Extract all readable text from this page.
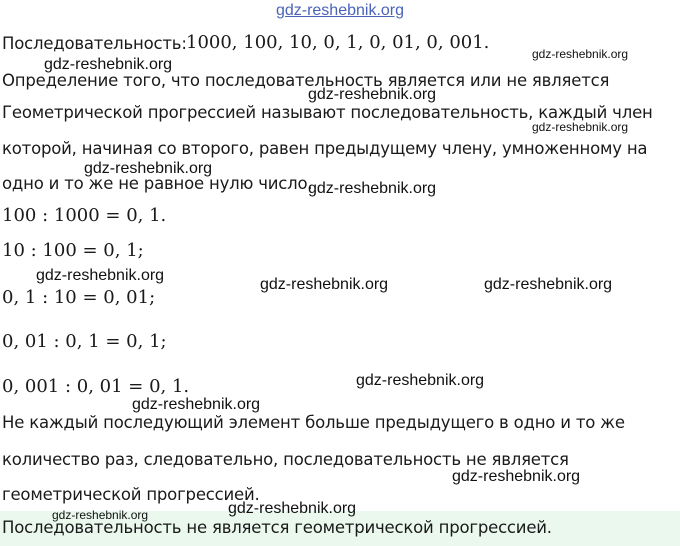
gdz-reshebnik.org
Последовательность: 1000, 100, 10, 0, 1, 0, 01, 0, 001.
Определение того, что последовательность является или не является
Геометрической прогрессией называют последовательность, каждый член
которой, начиная со второго, равен предыдущему члену, умноженному на
одно и то же не равное нулю число.
100 : 1000 = 0, 1.
10 : 100 = 0, 1;
0, 1 : 10 = 0, 01;
0, 01 : 0, 1 = 0, 1;
0, 001 : 0, 01 = 0, 1.
Не каждый последующий элемент больше предыдущего в одно и то же
количество раз, следовательно, последовательность не является
геометрической прогрессией.
Последовательность не является геометрической прогрессией.
gdz-reshebnik.org
gdz-reshebnik.org
gdz-reshebnik.org
gdz-reshebnik.org
gdz-reshebnik.org
gdz-reshebnik.org
gdz-reshebnik.org
gdz-reshebnik.org	gdz-reshebnik.org
gdz-reshebnik.org
gdz-reshebnik.org
gdz-reshebnik.org
gdz-reshebnik.org
gdz-reshebnik.org
